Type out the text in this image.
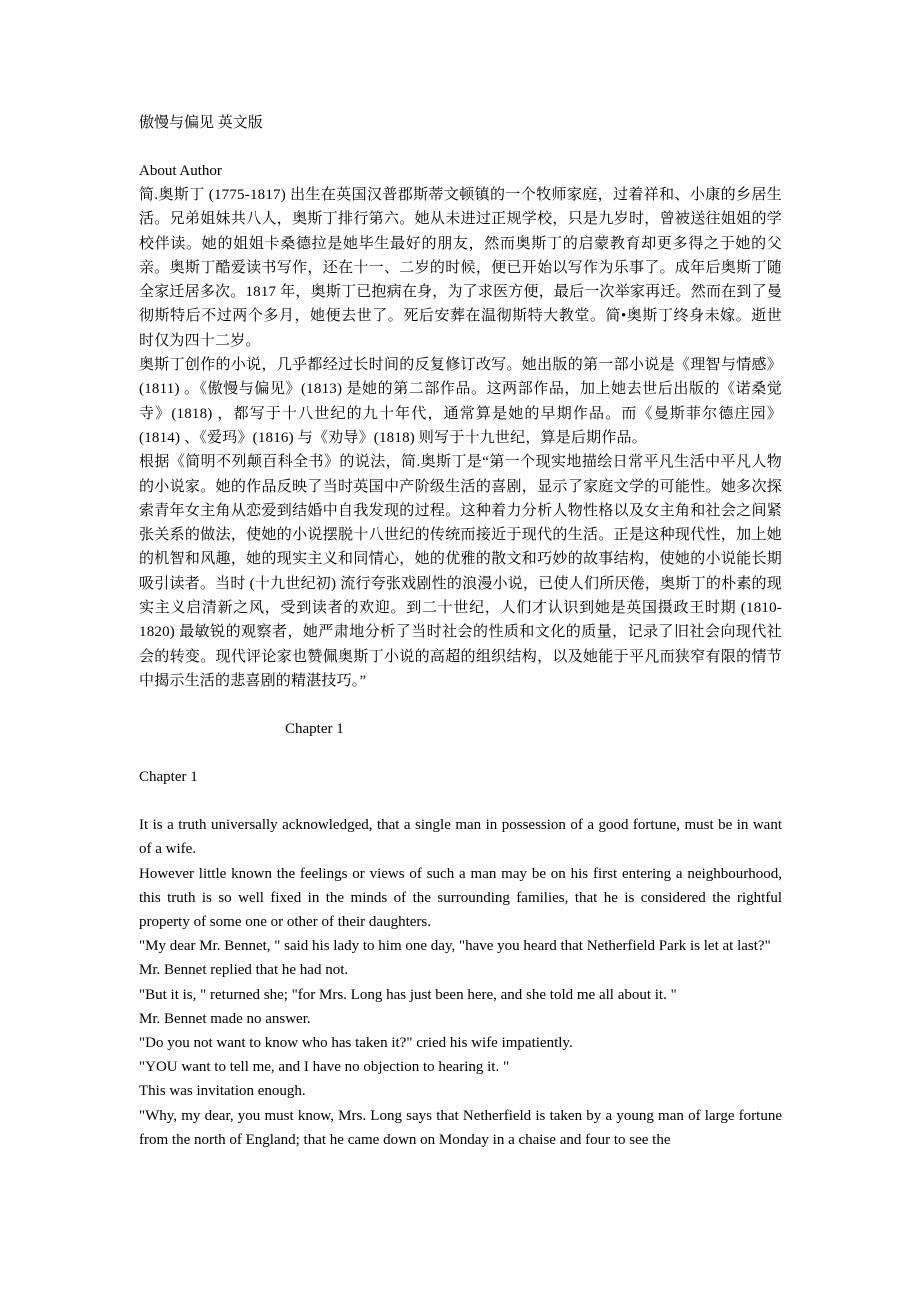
傲慢与偏见 英文版

About Author

简.奥斯丁 (1775-1817) 出生在英国汉普郡斯蒂文顿镇的一个牧师家庭，过着祥和、小康的乡居生活。兄弟姐妹共八人，奥斯丁排行第六。她从未进过正规学校，只是九岁时，曾被送往姐姐的学校伴读。她的姐姐卡桑德拉是她毕生最好的朋友，然而奥斯丁的启蒙教育却更多得之于她的父亲。奥斯丁酷爱读书写作，还在十一、二岁的时候，便已开始以写作为乐事了。成年后奥斯丁随全家迁居多次。1817 年，奥斯丁已抱病在身，为了求医方便，最后一次举家再迁。然而在到了曼彻斯特后不过两个多月，她便去世了。死后安葬在温彻斯特大教堂。简•奥斯丁终身未嫁。逝世时仅为四十二岁。

奥斯丁创作的小说，几乎都经过长时间的反复修订改写。她出版的第一部小说是《理智与情感》(1811) 。《傲慢与偏见》(1813) 是她的第二部作品。这两部作品，加上她去世后出版的《诺桑觉寺》(1818) ，都写于十八世纪的九十年代，通常算是她的早期作品。而《曼斯菲尔德庄园》(1814) 、《爱玛》(1816) 与《劝导》(1818) 则写于十九世纪，算是后期作品。

根据《简明不列颠百科全书》的说法，简.奥斯丁是“第一个现实地描绘日常平凡生活中平凡人物的小说家。她的作品反映了当时英国中产阶级生活的喜剧，显示了家庭文学的可能性。她多次探索青年女主角从恋爱到结婚中自我发现的过程。这种着力分析人物性格以及女主角和社会之间紧张关系的做法，使她的小说摆脱十八世纪的传统而接近于现代的生活。正是这种现代性，加上她的机智和风趣，她的现实主义和同情心，她的优雅的散文和巧妙的故事结构，使她的小说能长期吸引读者。当时 (十九世纪初) 流行夸张戏剧性的浪漫小说，已使人们所厌倦，奥斯丁的朴素的现实主义启清新之风，受到读者的欢迎。到二十世纪，人们才认识到她是英国摄政王时期 (1810-1820) 最敏锐的观察者，她严肃地分析了当时社会的性质和文化的质量，记录了旧社会向现代社会的转变。现代评论家也赞佩奥斯丁小说的高超的组织结构，以及她能于平凡而狭窄有限的情节中揭示生活的悲喜剧的精湛技巧。”

Chapter 1

Chapter 1

It is a truth universally acknowledged, that a single man in possession of a good fortune, must be in want of a wife.

However little known the feelings or views of such a man may be on his first entering a neighbourhood, this truth is so well fixed in the minds of the surrounding families, that he is considered the rightful property of some one or other of their daughters.

"My dear Mr. Bennet, " said his lady to him one day, "have you heard that Netherfield Park is let at last?"

Mr. Bennet replied that he had not.

"But it is, " returned she; "for Mrs. Long has just been here, and she told me all about it. "

Mr. Bennet made no answer.

"Do you not want to know who has taken it?" cried his wife impatiently.

"YOU want to tell me, and I have no objection to hearing it. "

This was invitation enough.

"Why, my dear, you must know, Mrs. Long says that Netherfield is taken by a young man of large fortune from the north of England; that he came down on Monday in a chaise and four to see the
